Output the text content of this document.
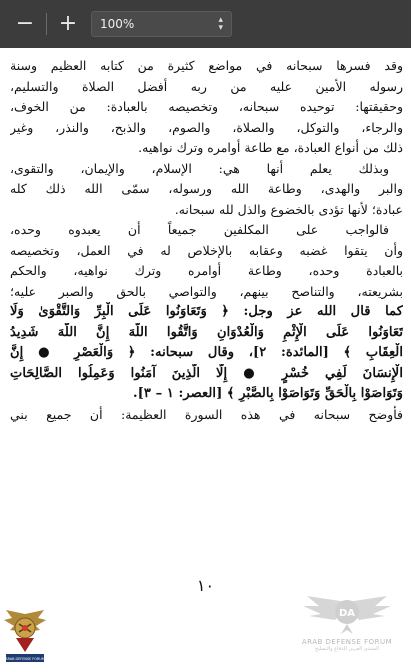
− + 100%	▴
▾
وقد فسرها سبحانه في مواضع كثيرة من كتابه العظيم وسنة
رسوله الأمين عليه من ربه أفضل الصلاة والتسليم،
وحقيقتها: توحيده سبحانه، وتخصيصه بالعبادة: من الخوف،
والرجاء، والتوكل، والصلاة، والصوم، والذبح، والنذر، وغير
ذلك من أنواع العبادة، مع طاعة أوامره وترك نواهيه.
وبذلك يعلم أنها هي: الإسلام، والإيمان، والتقوى،
والبر والهدى، وطاعة الله ورسوله، سمّى الله ذلك كله
عبادة؛ لأنها تؤدى بالخضوع والذل لله سبحانه.
فالواجب على المكلفين جميعاً أن يعبدوه وحده،
وأن يتقوا غضبه وعقابه بالإخلاص له في العمل، وتخصيصه
بالعبادة وحده، وطاعة أوامره وترك نواهيه، والحكم
بشريعته، والتناصح بينهم، والتواصي بالحق والصبر عليه؛
كما قال الله عز وجل: ﴿ وَتَعَاوَنُوا عَلَى الْبِرِّ وَالتَّقْوَىٰ وَلَا
تَعَاوَنُوا عَلَى الْإِثْمِ وَالْعُدْوَانِ وَاتَّقُوا اللَّهَ إِنَّ اللَّهَ شَدِيدُ
الْعِقَابِ ﴾ [المائدة: ٢]، وقال سبحانه: ﴿ وَالْعَصْرِ ● إِنَّ
الْإِنسَانَ لَفِي خُسْرٍ ● إِلَّا الَّذِينَ آمَنُوا وَعَمِلُوا الصَّالِحَاتِ
وَتَوَاصَوْا بِالْحَقِّ وَتَوَاصَوْا بِالصَّبْرِ ﴾ [العصر: ١ – ٣].
فأوضح سبحانه في هذه السورة العظيمة: أن جميع بني
١٠
DA
ARAB DEFENSE FORUM
المنتدى العربي للدفاع والتسليح
ARAB DEFENSE FORUM
